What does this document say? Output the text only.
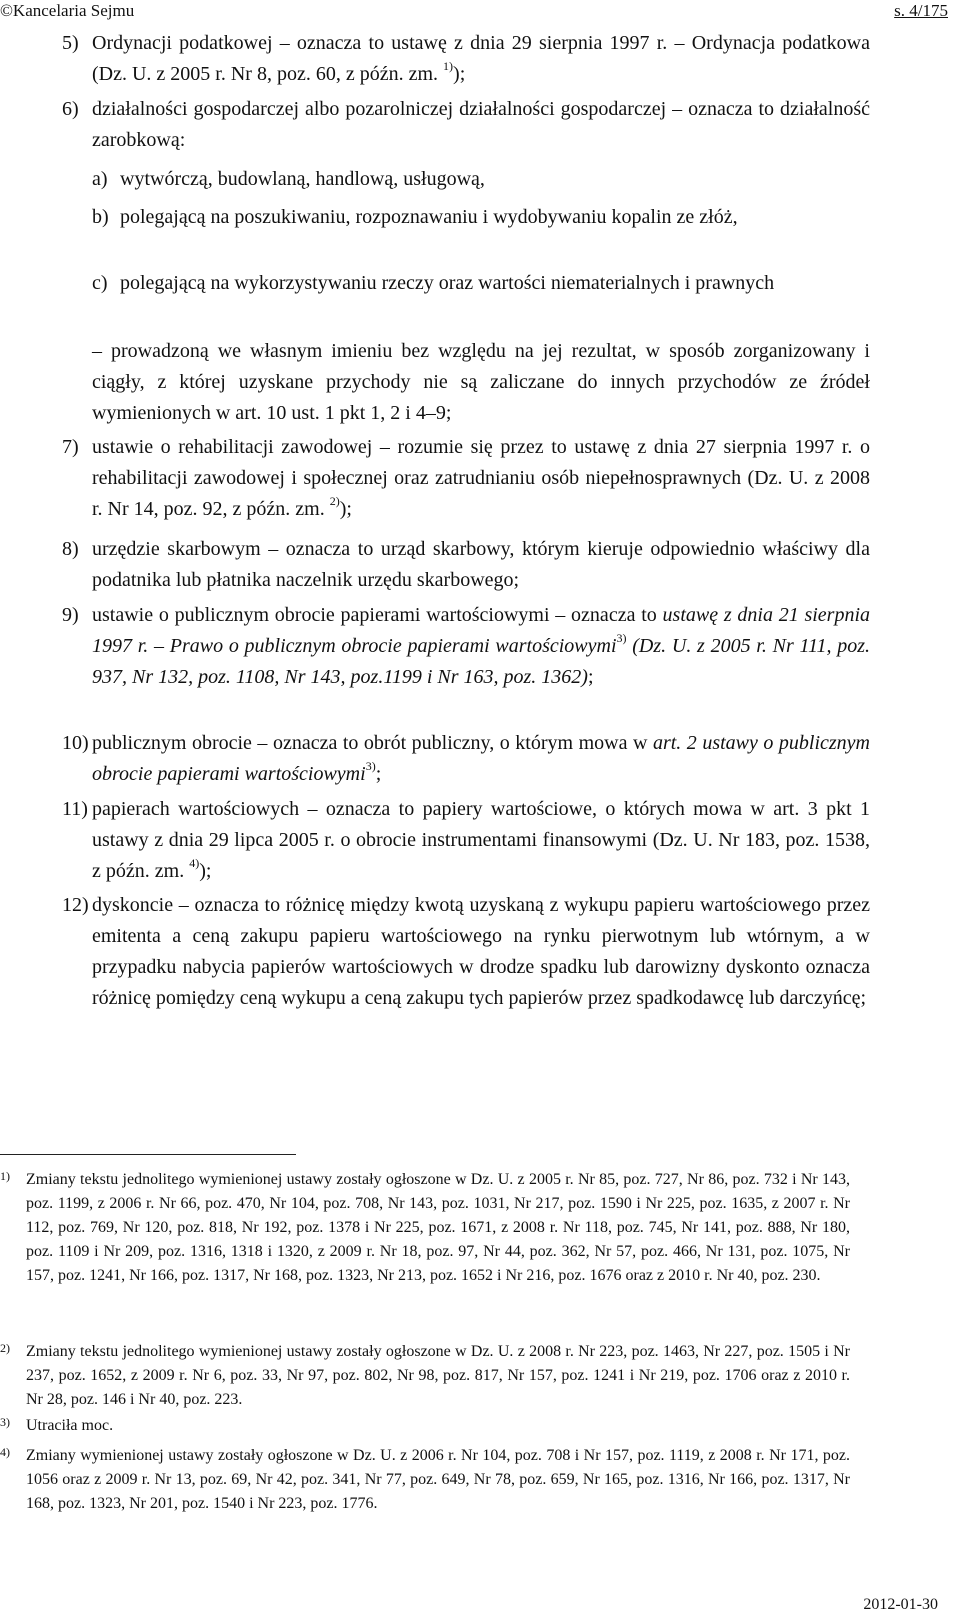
©Kancelaria Sejmu	s. 4/175
5) Ordynacji podatkowej – oznacza to ustawę z dnia 29 sierpnia 1997 r. – Ordynacja podatkowa (Dz. U. z 2005 r. Nr 8, poz. 60, z późn. zm. $^{1)}$);
6) działalności gospodarczej albo pozarolniczej działalności gospodarczej – oznacza to działalność zarobkową:
a) wytwórczą, budowlaną, handlową, usługową,
b) polegającą na poszukiwaniu, rozpoznawaniu i wydobywaniu kopalin ze złóż,
c) polegającą na wykorzystywaniu rzeczy oraz wartości niematerialnych i prawnych
– prowadzoną we własnym imieniu bez względu na jej rezultat, w sposób zorganizowany i ciągły, z której uzyskane przychody nie są zaliczane do innych przychodów ze źródeł wymienionych w art. 10 ust. 1 pkt 1, 2 i 4–9;
7) ustawie o rehabilitacji zawodowej – rozumie się przez to ustawę z dnia 27 sierpnia 1997 r. o rehabilitacji zawodowej i społecznej oraz zatrudnianiu osób niepełnosprawnych (Dz. U. z 2008 r. Nr 14, poz. 92, z późn. zm. $^{2)}$);
8) urzędzie skarbowym – oznacza to urząd skarbowy, którym kieruje odpowiednio właściwy dla podatnika lub płatnika naczelnik urzędu skarbowego;
9) ustawie o publicznym obrocie papierami wartościowymi – oznacza to ustawę z dnia 21 sierpnia 1997 r. – Prawo o publicznym obrocie papierami wartościowymi$^{3)}$ (Dz. U. z 2005 r. Nr 111, poz. 937, Nr 132, poz. 1108, Nr 143, poz.1199 i Nr 163, poz. 1362);
10) publicznym obrocie – oznacza to obrót publiczny, o którym mowa w art. 2 ustawy o publicznym obrocie papierami wartościowymi$^{3)}$;
11) papierach wartościowych – oznacza to papiery wartościowe, o których mowa w art. 3 pkt 1 ustawy z dnia 29 lipca 2005 r. o obrocie instrumentami finansowymi (Dz. U. Nr 183, poz. 1538, z późn. zm. $^{4)}$);
12) dyskoncie – oznacza to różnicę między kwotą uzyskaną z wykupu papieru wartościowego przez emitenta a ceną zakupu papieru wartościowego na rynku pierwotnym lub wtórnym, a w przypadku nabycia papierów wartościowych w drodze spadku lub darowizny dyskonto oznacza różnicę pomiędzy ceną wykupu a ceną zakupu tych papierów przez spadkodawcę lub darczyńcę;
1) Zmiany tekstu jednolitego wymienionej ustawy zostały ogłoszone w Dz. U. z 2005 r. Nr 85, poz. 727, Nr 86, poz. 732 i Nr 143, poz. 1199, z 2006 r. Nr 66, poz. 470, Nr 104, poz. 708, Nr 143, poz. 1031, Nr 217, poz. 1590 i Nr 225, poz. 1635, z 2007 r. Nr 112, poz. 769, Nr 120, poz. 818, Nr 192, poz. 1378 i Nr 225, poz. 1671, z 2008 r. Nr 118, poz. 745, Nr 141, poz. 888, Nr 180, poz. 1109 i Nr 209, poz. 1316, 1318 i 1320, z 2009 r. Nr 18, poz. 97, Nr 44, poz. 362, Nr 57, poz. 466, Nr 131, poz. 1075, Nr 157, poz. 1241, Nr 166, poz. 1317, Nr 168, poz. 1323, Nr 213, poz. 1652 i Nr 216, poz. 1676 oraz z 2010 r. Nr 40, poz. 230.
2) Zmiany tekstu jednolitego wymienionej ustawy zostały ogłoszone w Dz. U. z 2008 r. Nr 223, poz. 1463, Nr 227, poz. 1505 i Nr 237, poz. 1652, z 2009 r. Nr 6, poz. 33, Nr 97, poz. 802, Nr 98, poz. 817, Nr 157, poz. 1241 i Nr 219, poz. 1706 oraz z 2010 r. Nr 28, poz. 146 i Nr 40, poz. 223.
3) Utraciła moc.
4) Zmiany wymienionej ustawy zostały ogłoszone w Dz. U. z 2006 r. Nr 104, poz. 708 i Nr 157, poz. 1119, z 2008 r. Nr 171, poz. 1056 oraz z 2009 r. Nr 13, poz. 69, Nr 42, poz. 341, Nr 77, poz. 649, Nr 78, poz. 659, Nr 165, poz. 1316, Nr 166, poz. 1317, Nr 168, poz. 1323, Nr 201, poz. 1540 i Nr 223, poz. 1776.
2012-01-30
